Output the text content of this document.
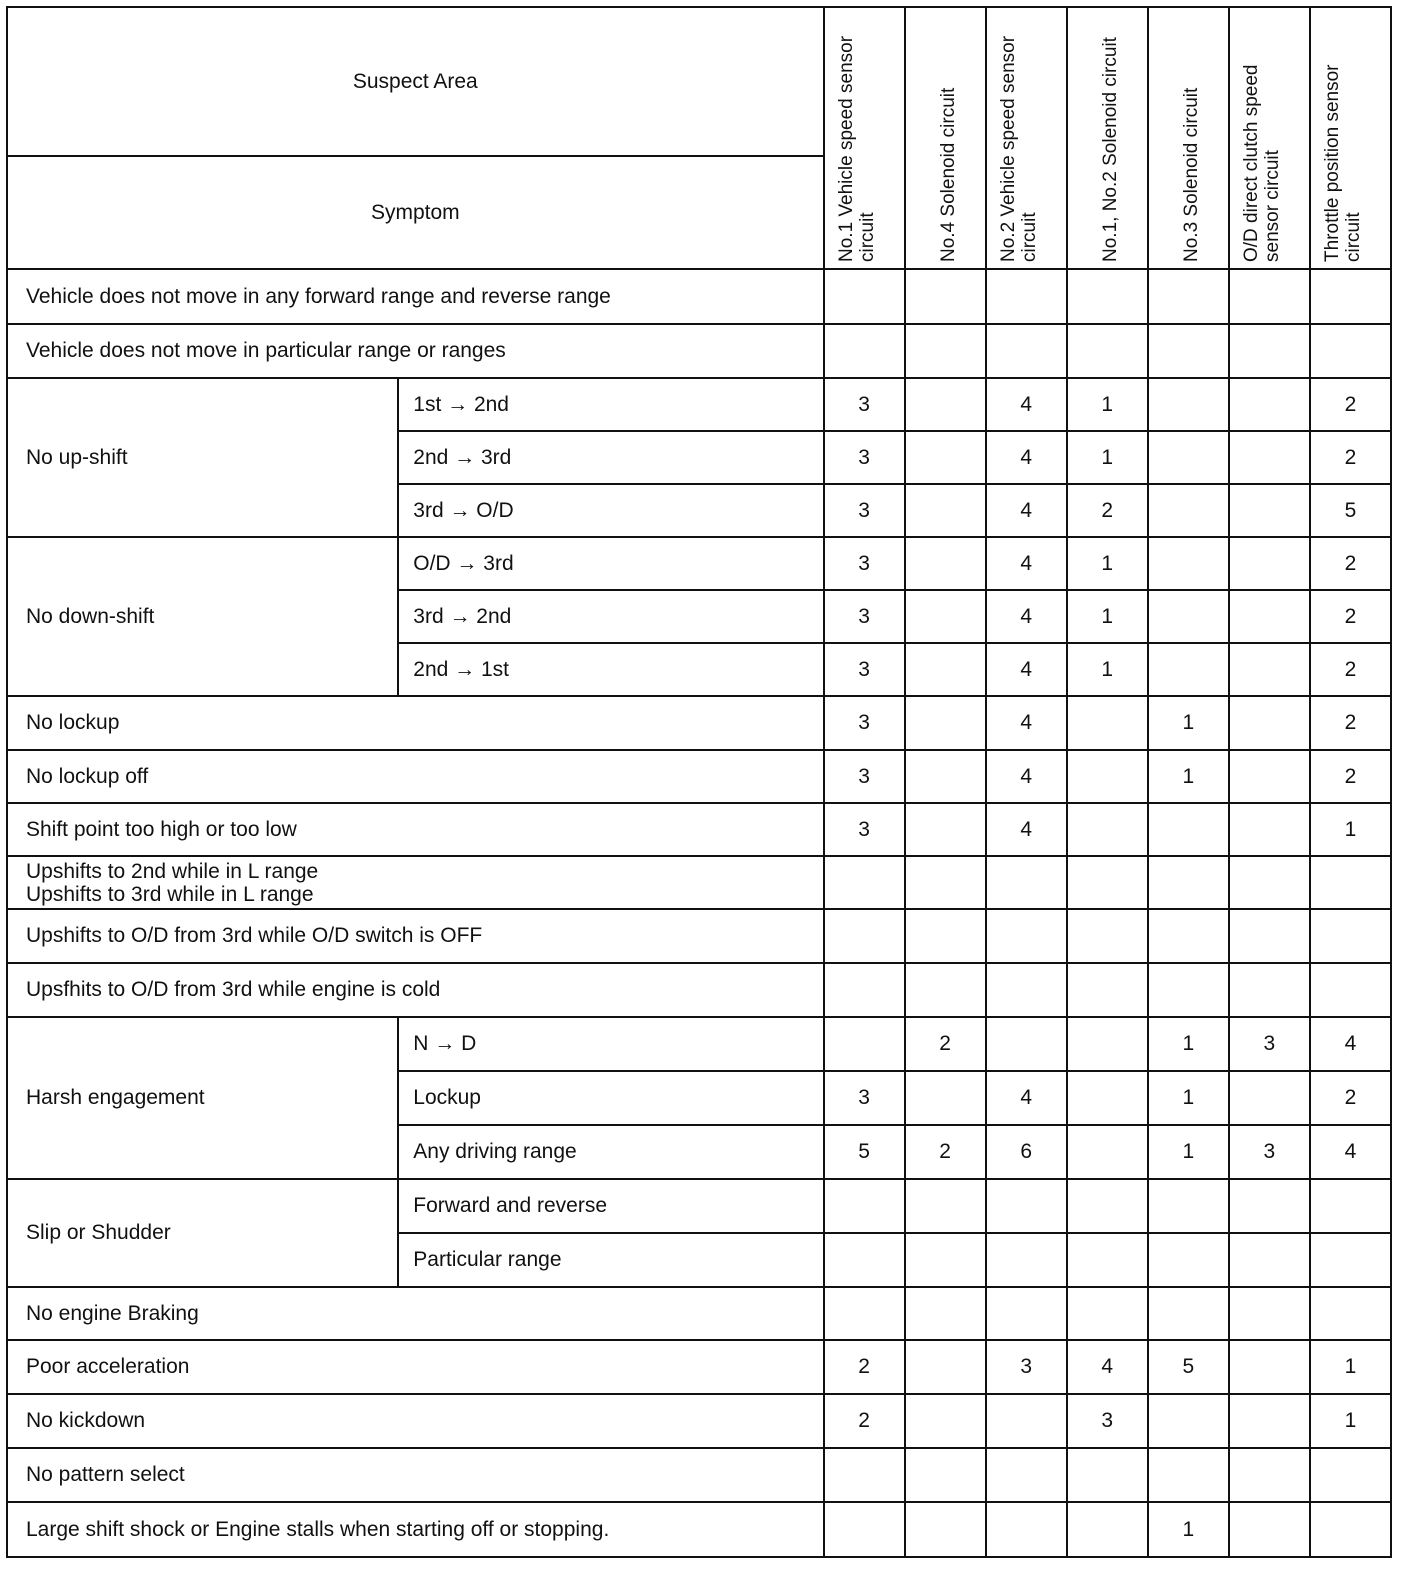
Suspect Area		No.1 Vehicle speed sensor circuit	No.4 Solenoid circuit	No.2 Vehicle speed sensor circuit	No.1, No.2 Solenoid circuit	No.3 Solenoid circuit	O/D direct clutch speed sensor circuit	Throttle position sensor circuit

Symptom								
Vehicle does not move in any forward range and reverse range								
Vehicle does not move in particular range or ranges								
No up-shift	1st → 2nd	3		4	1			2
	2nd → 3rd	3		4	1			2
	3rd → O/D	3		4	2			5
No down-shift	O/D → 3rd	3		4	1			2
	3rd → 2nd	3		4	1			2
	2nd → 1st	3		4	1			2
No lockup		3		4		1		2
No lockup off		3		4		1		2
Shift point too high or too low		3		4				1

Upshifts to 2nd while in L range
Upshifts to 3rd while in L range								

Upshifts to O/D from 3rd while O/D switch is OFF								
Upsfhits to O/D from 3rd while engine is cold								
Harsh engagement	N → D		2			1	3	4
	Lockup	3		4		1		2
	Any driving range	5	2	6		1	3	4
Slip or Shudder	Forward and reverse							
	Particular range							
No engine Braking								
Poor acceleration		2		3	4	5		1
No kickdown		2			3			1
No pattern select								
Large shift shock or Engine stalls when starting off or stopping.						1		
